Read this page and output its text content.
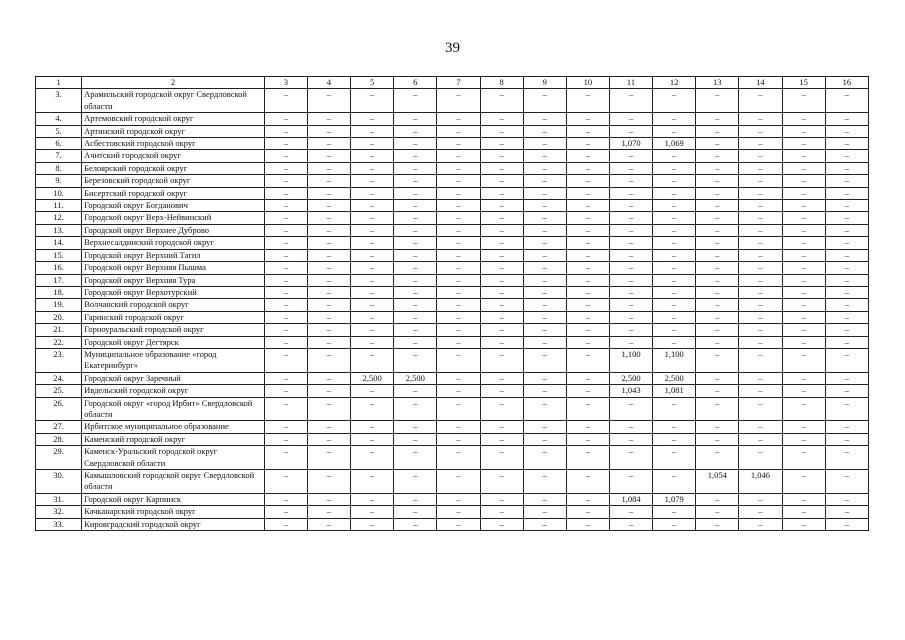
39
1	2	3	4	5	6	7	8	9	10	11	12	13	14	15	16
3.	Арамильский городской округ Свердловской области	–	–	–	–	–	–	–	–	–	–	–	–	–	–
4.	Артемовский городской округ	–	–	–	–	–	–	–	–	–	–	–	–	–	–
5.	Артинский городской округ	–	–	–	–	–	–	–	–	–	–	–	–	–	–
6.	Асбестовский городской округ	–	–	–	–	–	–	–	–	1,070	1,069	–	–	–	–
7.	Ачитский городской округ	–	–	–	–	–	–	–	–	–	–	–	–	–	–
8.	Белоярский городской округ	–	–	–	–	–	–	–	–	–	–	–	–	–	–
9.	Березовский городской округ	–	–	–	–	–	–	–	–	–	–	–	–	–	–
10.	Бисертский городской округ	–	–	–	–	–	–	–	–	–	–	–	–	–	–
11.	Городской округ Богданович	–	–	–	–	–	–	–	–	–	–	–	–	–	–
12.	Городской округ Верх-Нейвинский	–	–	–	–	–	–	–	–	–	–	–	–	–	–
13.	Городской округ Верхнее Дуброво	–	–	–	–	–	–	–	–	–	–	–	–	–	–
14.	Верхнесалдинский городской округ	–	–	–	–	–	–	–	–	–	–	–	–	–	–
15.	Городской округ Верхний Тагил	–	–	–	–	–	–	–	–	–	–	–	–	–	–
16.	Городской округ Верхняя Пышма	–	–	–	–	–	–	–	–	–	–	–	–	–	–
17.	Городской округ Верхняя Тура	–	–	–	–	–	–	–	–	–	–	–	–	–	–
18.	Городской округ Верхотурский	–	–	–	–	–	–	–	–	–	–	–	–	–	–
19.	Волчанский городской округ	–	–	–	–	–	–	–	–	–	–	–	–	–	–
20.	Гаринский городской округ	–	–	–	–	–	–	–	–	–	–	–	–	–	–
21.	Горноуральский городской округ	–	–	–	–	–	–	–	–	–	–	–	–	–	–
22.	Городской округ Дегтярск	–	–	–	–	–	–	–	–	–	–	–	–	–	–
23.	Муниципальное образование «город Екатеринбург»	–	–	–	–	–	–	–	–	1,100	1,100	–	–	–	–
24.	Городской округ Заречный	–	–	2,500	2,500	–	–	–	–	2,500	2,500	–	–	–	–
25.	Ивдельский городской округ	–	–	–	–	–	–	–	–	1,043	1,081	–	–	–	–
26.	Городской округ «город Ирбит» Свердловской области	–	–	–	–	–	–	–	–	–	–	–	–	–	–
27.	Ирбитское муниципальное образование	–	–	–	–	–	–	–	–	–	–	–	–	–	–
28.	Каменский городской округ	–	–	–	–	–	–	–	–	–	–	–	–	–	–
29.	Каменск-Уральский городской округ Свердловской области	–	–	–	–	–	–	–	–	–	–	–	–	–	–
30.	Камышловский городской округ Свердловской области	–	–	–	–	–	–	–	–	–	–	1,054	1,046	–	–
31.	Городской округ Карпинск	–	–	–	–	–	–	–	–	1,084	1,079	–	–	–	–
32.	Качканарский городской округ	–	–	–	–	–	–	–	–	–	–	–	–	–	–
33.	Кировградский городской округ	–	–	–	–	–	–	–	–	–	–	–	–	–	–
